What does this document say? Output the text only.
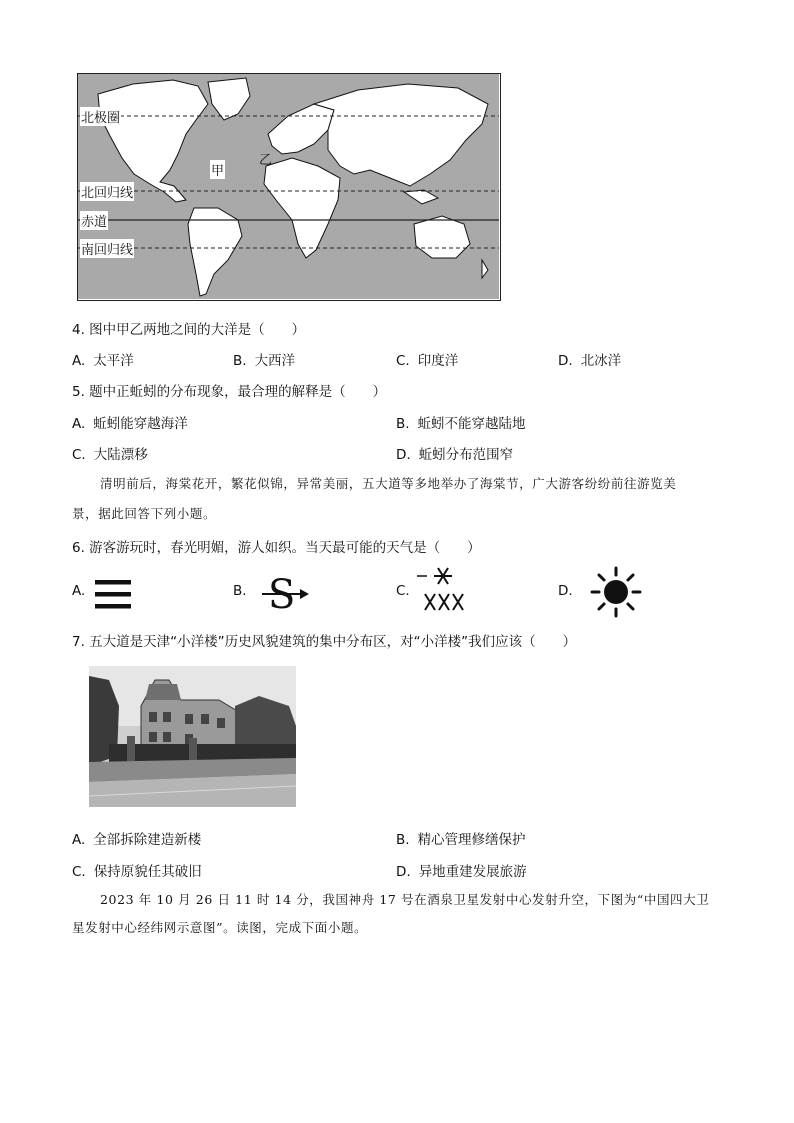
北极圈
北回归线
赤道
南回归线
甲
乙
4. 图中甲乙两地之间的大洋是（　　）
A. 太平洋	B. 大西洋	C. 印度洋	D. 北冰洋
5. 题中正蚯蚓的分布现象，最合理的解释是（　　）
A. 蚯蚓能穿越海洋	B. 蚯蚓不能穿越陆地
C. 大陆漂移	D. 蚯蚓分布范围窄
清明前后，海棠花开，繁花似锦，异常美丽，五大道等多地举办了海棠节，广大游客纷纷前往游览美
景，据此回答下列小题。
6. 游客游玩时，春光明媚，游人如织。当天最可能的天气是（　　）
A.	B. S	C.	D.
7. 五大道是天津“小洋楼”历史风貌建筑的集中分布区，对“小洋楼”我们应该（　　）
A. 全部拆除建造新楼	B. 精心管理修缮保护
C. 保持原貌任其破旧	D. 异地重建发展旅游
2023 年 10 月 26 日 11 时 14 分，我国神舟 17 号在酒泉卫星发射中心发射升空，下图为“中国四大卫
星发射中心经纬网示意图”。读图，完成下面小题。
